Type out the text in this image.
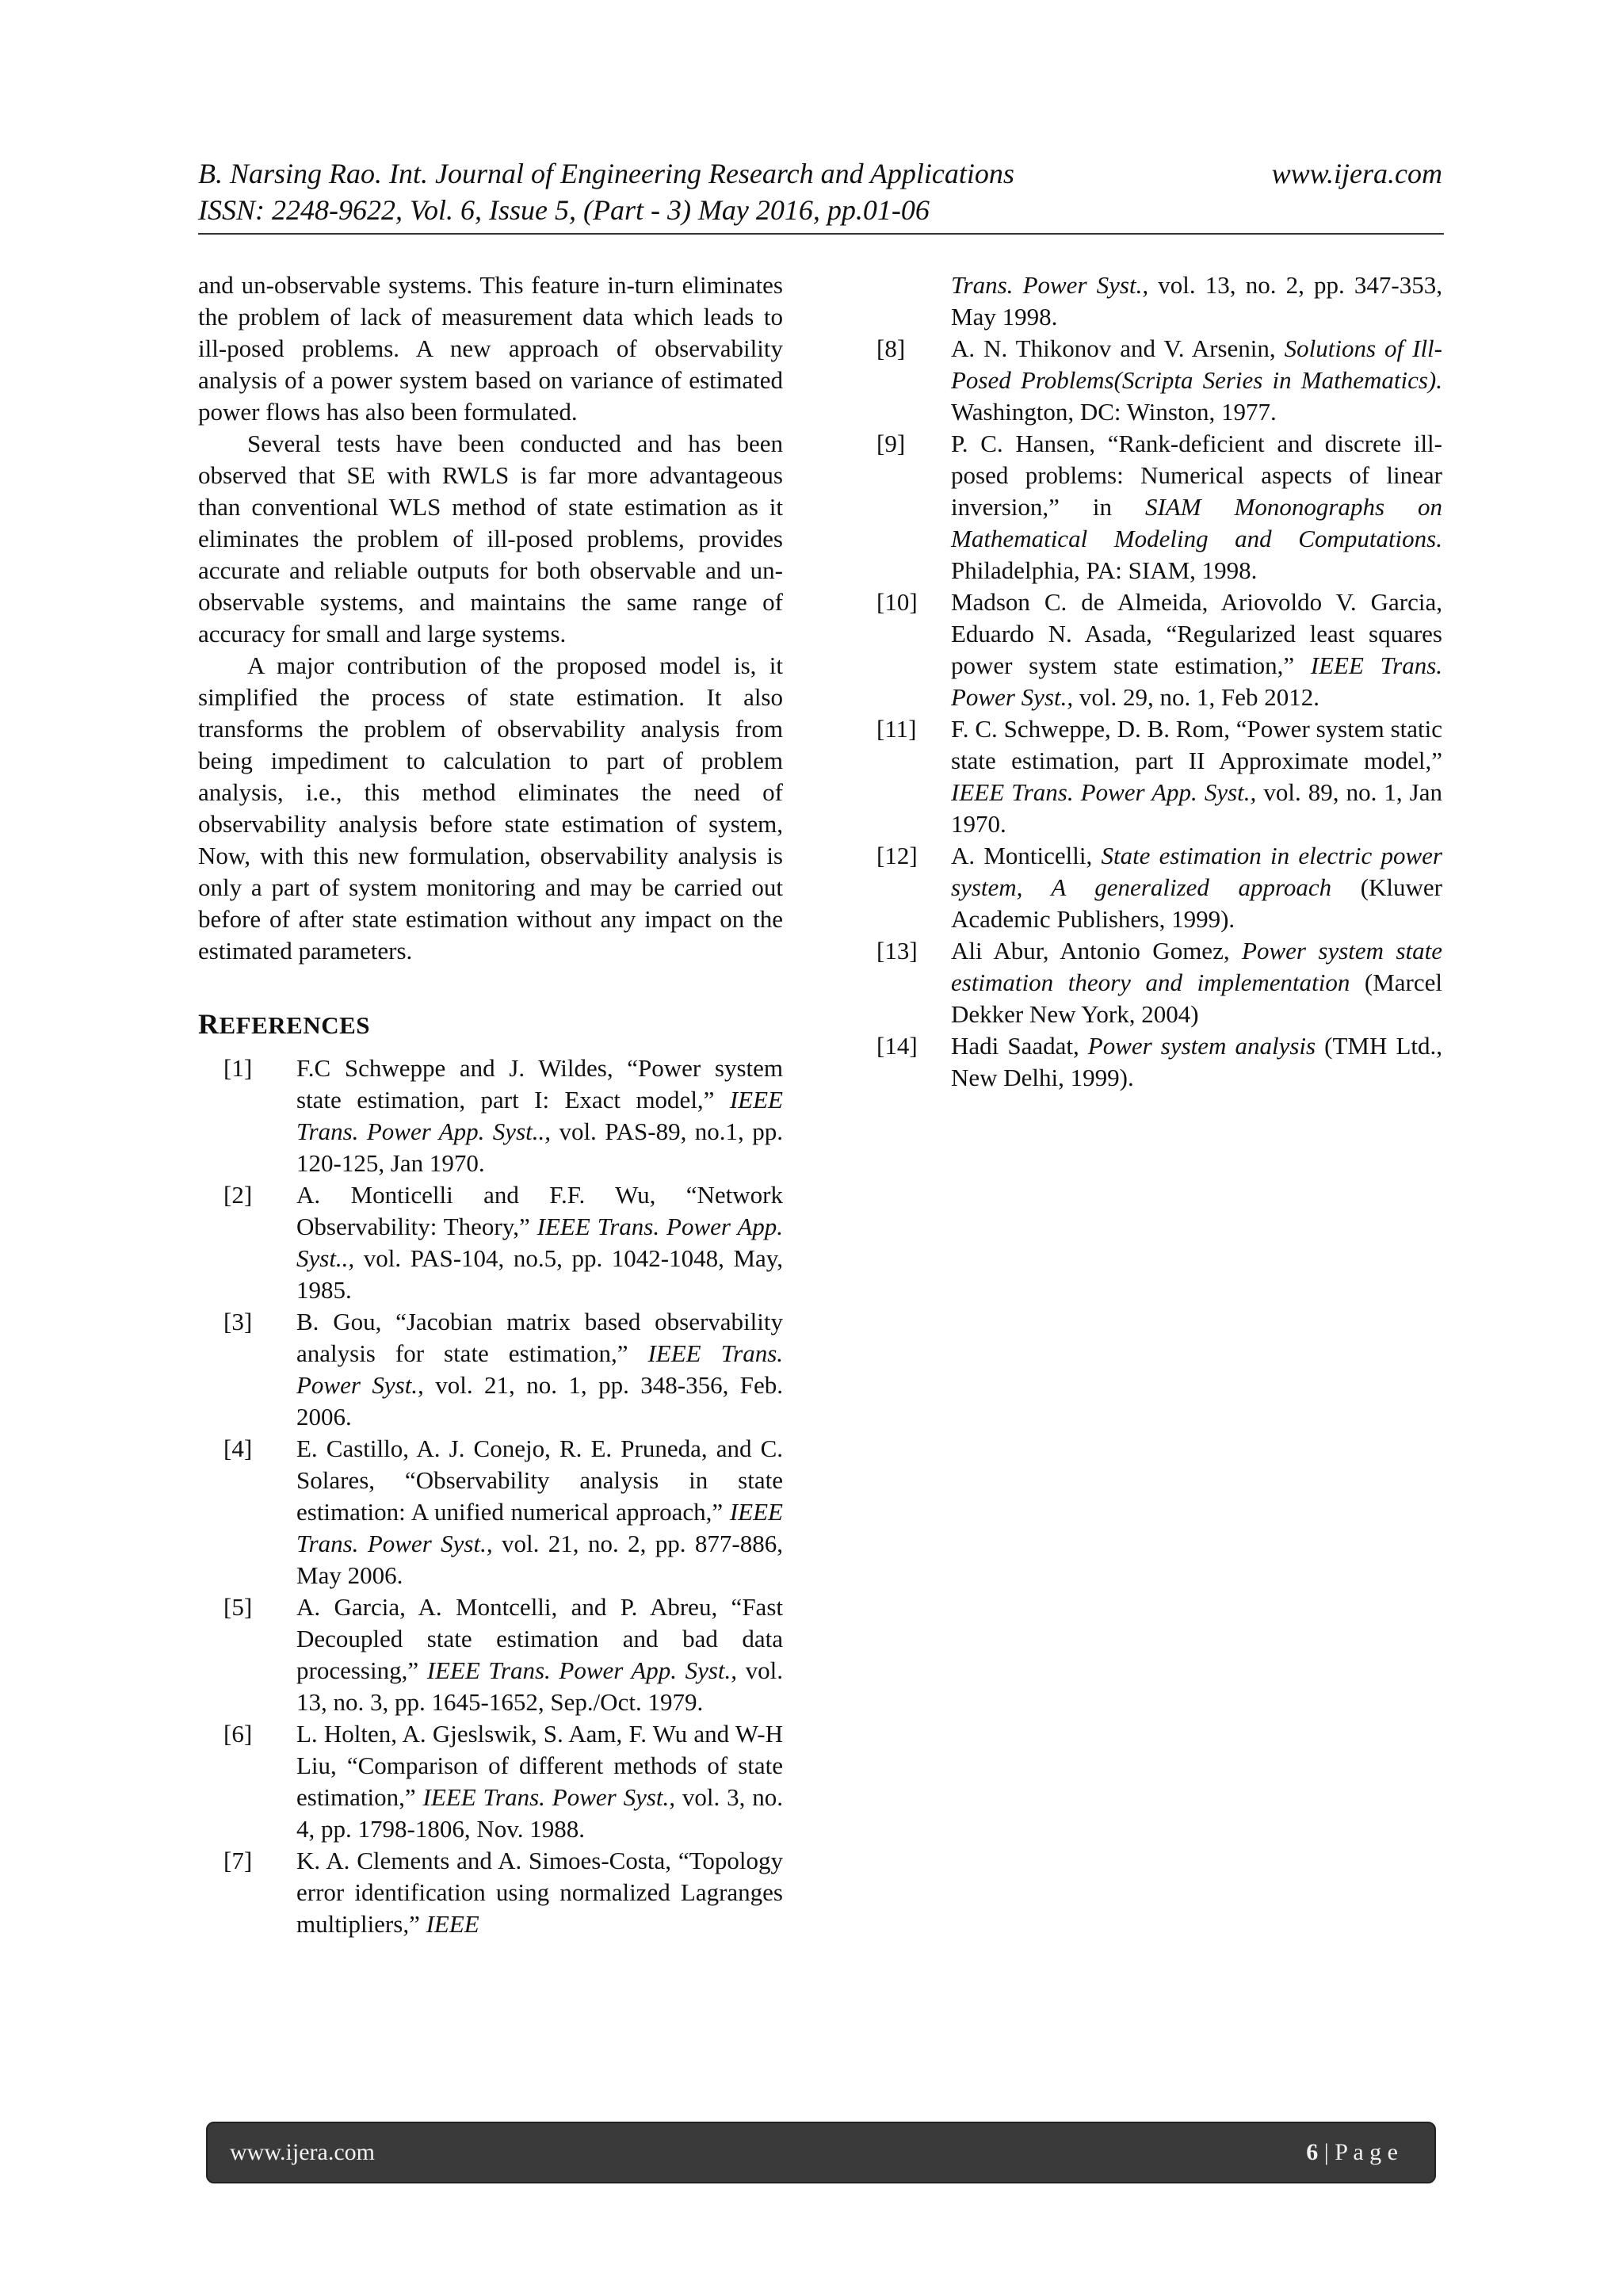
B. Narsing Rao. Int. Journal of Engineering Research and Applications	www.ijera.com
ISSN: 2248-9622, Vol. 6, Issue 5, (Part - 3) May 2016, pp.01-06

and un-observable systems. This feature in-turn eliminates the problem of lack of measurement data which leads to ill-posed problems. A new approach of observability analysis of a power system based on variance of estimated power flows has also been formulated.

Several tests have been conducted and has been observed that SE with RWLS is far more advantageous than conventional WLS method of state estimation as it eliminates the problem of ill-posed problems, provides accurate and reliable outputs for both observable and un-observable systems, and maintains the same range of accuracy for small and large systems.

A major contribution of the proposed model is, it simplified the process of state estimation. It also transforms the problem of observability analysis from being impediment to calculation to part of problem analysis, i.e., this method eliminates the need of observability analysis before state estimation of system, Now, with this new formulation, observability analysis is only a part of system monitoring and may be carried out before of after state estimation without any impact on the estimated parameters.

REFERENCES
[1]	F.C Schweppe and J. Wildes, “Power system state estimation, part I: Exact model,” IEEE Trans. Power App. Syst.., vol. PAS-89, no.1, pp. 120-125, Jan 1970.
[2]	A. Monticelli and F.F. Wu, “Network Observability: Theory,” IEEE Trans. Power App. Syst.., vol. PAS-104, no.5, pp. 1042-1048, May, 1985.
[3]	B. Gou, “Jacobian matrix based observability analysis for state estimation,” IEEE Trans. Power Syst., vol. 21, no. 1, pp. 348-356, Feb. 2006.
[4]	E. Castillo, A. J. Conejo, R. E. Pruneda, and C. Solares, “Observability analysis in state estimation: A unified numerical approach,” IEEE Trans. Power Syst., vol. 21, no. 2, pp. 877-886, May 2006.
[5]	A. Garcia, A. Montcelli, and P. Abreu, “Fast Decoupled state estimation and bad data processing,” IEEE Trans. Power App. Syst., vol. 13, no. 3, pp. 1645-1652, Sep./Oct. 1979.
[6]	L. Holten, A. Gjeslswik, S. Aam, F. Wu and W-H Liu, “Comparison of different methods of state estimation,” IEEE Trans. Power Syst., vol. 3, no. 4, pp. 1798-1806, Nov. 1988.
[7]	K. A. Clements and A. Simoes-Costa, “Topology error identification using normalized Lagranges multipliers,” IEEE
Trans. Power Syst., vol. 13, no. 2, pp. 347-353, May 1998.
[8]	A. N. Thikonov and V. Arsenin, Solutions of Ill-Posed Problems(Scripta Series in Mathematics). Washington, DC: Winston, 1977.
[9]	P. C. Hansen, “Rank-deficient and discrete ill-posed problems: Numerical aspects of linear inversion,” in SIAM Mononographs on Mathematical Modeling and Computations. Philadelphia, PA: SIAM, 1998.
[10]	Madson C. de Almeida, Ariovoldo V. Garcia, Eduardo N. Asada, “Regularized least squares power system state estimation,” IEEE Trans. Power Syst., vol. 29, no. 1, Feb 2012.
[11]	F. C. Schweppe, D. B. Rom, “Power system static state estimation, part II Approximate model,” IEEE Trans. Power App. Syst., vol. 89, no. 1, Jan 1970.
[12]	A. Monticelli, State estimation in electric power system, A generalized approach (Kluwer Academic Publishers, 1999).
[13]	Ali Abur, Antonio Gomez, Power system state estimation theory and implementation (Marcel Dekker New York, 2004)
[14]	Hadi Saadat, Power system analysis (TMH Ltd., New Delhi, 1999).
www.ijera.com	6 | P a g e
